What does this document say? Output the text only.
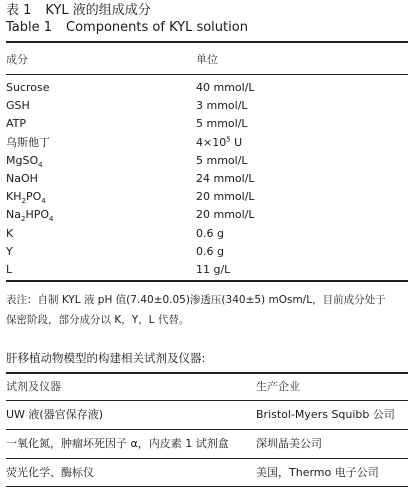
表 1 KYL 液的组成成分
Table 1 Components of KYL solution
成分	单位
Sucrose	40 mmol/L
GSH	3 mmol/L
ATP	5 mmol/L
乌斯他丁	$4\times 10^5$ U
MgSO$_4$	5 mmol/L
NaOH	24 mmol/L
$KH_2PO_4$	20 mmol/L
$Na_2HPO_4$	20 mmol/L
K	0.6 g
Y	0.6 g
L	11 g/L
表注：自制 KYL 液 pH 值(7.40±0.05)渗透压(340±5) mOsm/L，目前成分处于
保密阶段，部分成分以 K，Y，L 代替。
肝移植动物模型的构建相关试剂及仪器:
试剂及仪器	生产企业
UW 液(器官保存液)	Bristol-Myers Squibb 公司
一氧化氮，肿瘤坏死因子 α，内皮素 1 试剂盒 深圳晶美公司
荧光化学、酶标仪	美国，Thermo 电子公司
